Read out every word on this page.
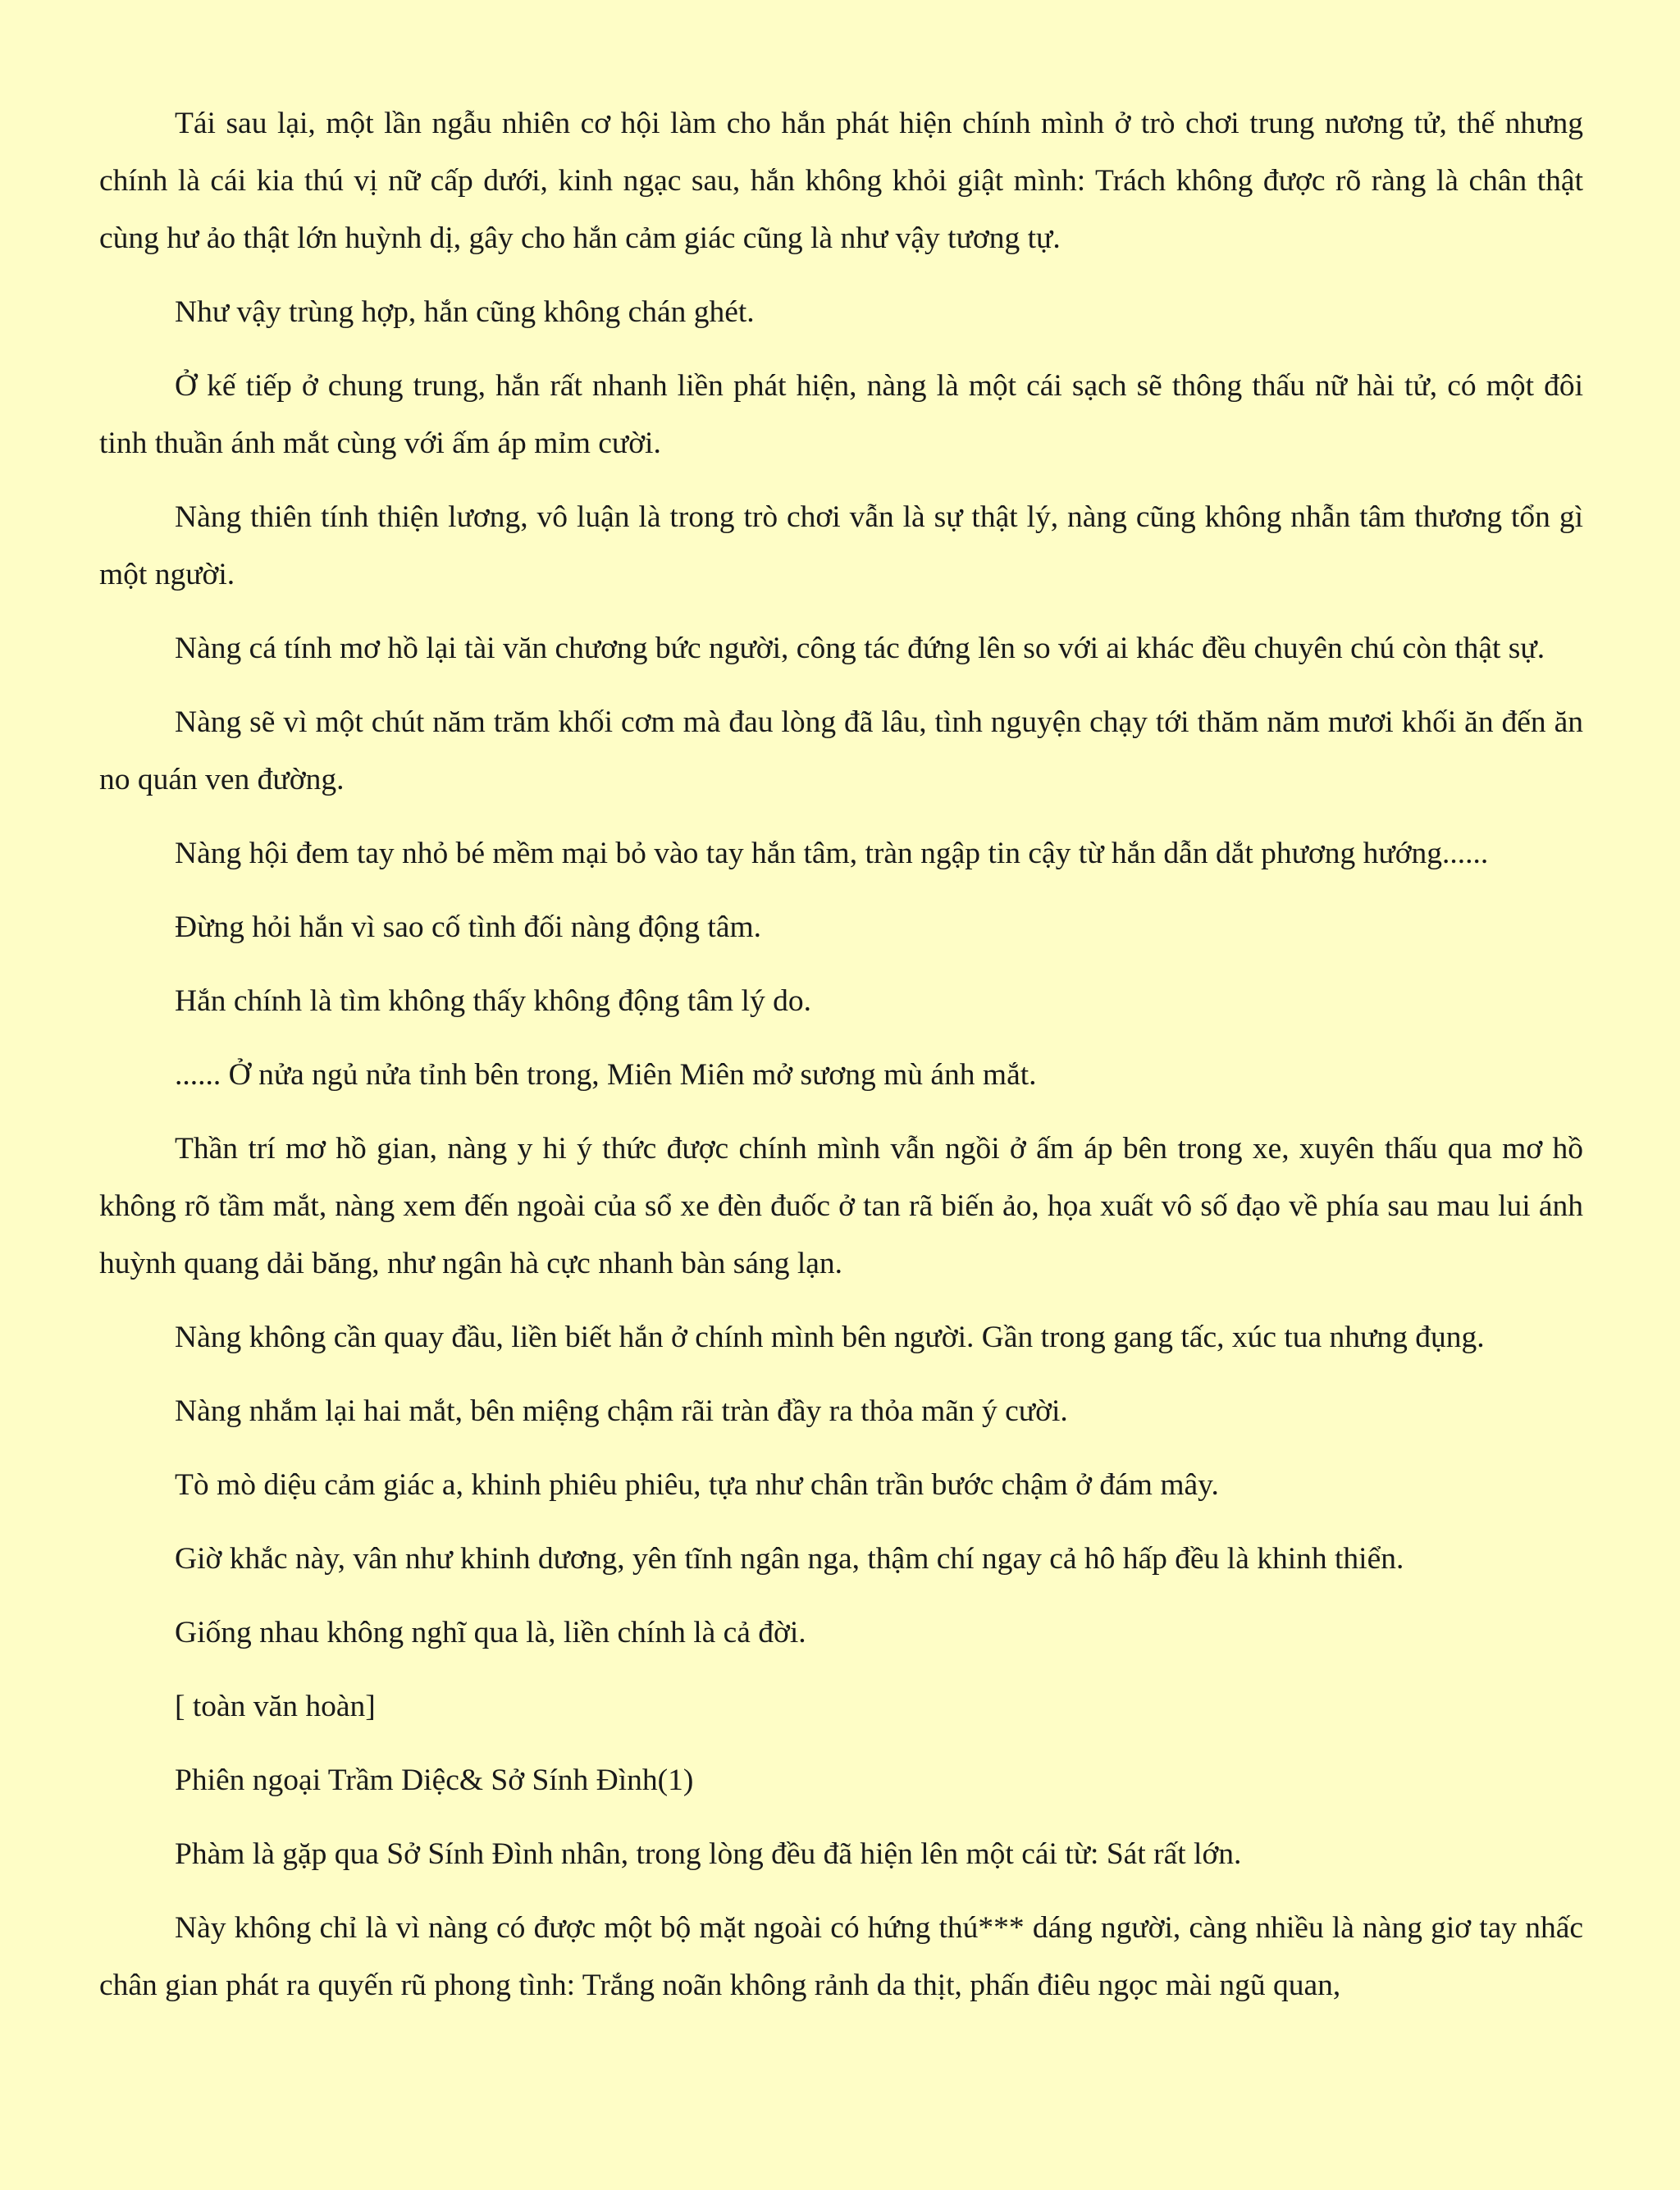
Tái sau lại, một lần ngẫu nhiên cơ hội làm cho hắn phát hiện chính mình ở trò chơi trung nương tử, thế nhưng chính là cái kia thú vị nữ cấp dưới, kinh ngạc sau, hắn không khỏi giật mình: Trách không được rõ ràng là chân thật cùng hư ảo thật lớn huỳnh dị, gây cho hắn cảm giác cũng là như vậy tương tự.

Như vậy trùng hợp, hắn cũng không chán ghét.

Ở kế tiếp ở chung trung, hắn rất nhanh liền phát hiện, nàng là một cái sạch sẽ thông thấu nữ hài tử, có một đôi tinh thuần ánh mắt cùng với ấm áp mỉm cười.

Nàng thiên tính thiện lương, vô luận là trong trò chơi vẫn là sự thật lý, nàng cũng không nhẫn tâm thương tổn gì một người.

Nàng cá tính mơ hồ lại tài văn chương bức người, công tác đứng lên so với ai khác đều chuyên chú còn thật sự.

Nàng sẽ vì một chút năm trăm khối cơm mà đau lòng đã lâu, tình nguyện chạy tới thăm năm mươi khối ăn đến ăn no quán ven đường.

Nàng hội đem tay nhỏ bé mềm mại bỏ vào tay hắn tâm, tràn ngập tin cậy từ hắn dẫn dắt phương hướng......

Đừng hỏi hắn vì sao cố tình đối nàng động tâm.

Hắn chính là tìm không thấy không động tâm lý do.

...... Ở nửa ngủ nửa tỉnh bên trong, Miên Miên mở sương mù ánh mắt.

Thần trí mơ hồ gian, nàng y hi ý thức được chính mình vẫn ngồi ở ấm áp bên trong xe, xuyên thấu qua mơ hồ không rõ tầm mắt, nàng xem đến ngoài của sổ xe đèn đuốc ở tan rã biến ảo, họa xuất vô số đạo về phía sau mau lui ánh huỳnh quang dải băng, như ngân hà cực nhanh bàn sáng lạn.

Nàng không cần quay đầu, liền biết hắn ở chính mình bên người. Gần trong gang tấc, xúc tua nhưng đụng.

Nàng nhắm lại hai mắt, bên miệng chậm rãi tràn đầy ra thỏa mãn ý cười.

Tò mò diệu cảm giác a, khinh phiêu phiêu, tựa như chân trần bước chậm ở đám mây.

Giờ khắc này, vân như khinh dương, yên tĩnh ngân nga, thậm chí ngay cả hô hấp đều là khinh thiển.

Giống nhau không nghĩ qua là, liền chính là cả đời.

[ toàn văn hoàn]

Phiên ngoại Trầm Diệc& Sở Sính Đình(1)

Phàm là gặp qua Sở Sính Đình nhân, trong lòng đều đã hiện lên một cái từ: Sát rất lớn.

Này không chỉ là vì nàng có được một bộ mặt ngoài có hứng thú*** dáng người, càng nhiều là nàng giơ tay nhấc chân gian phát ra quyến rũ phong tình: Trắng noãn không rảnh da thịt, phấn điêu ngọc mài ngũ quan,
